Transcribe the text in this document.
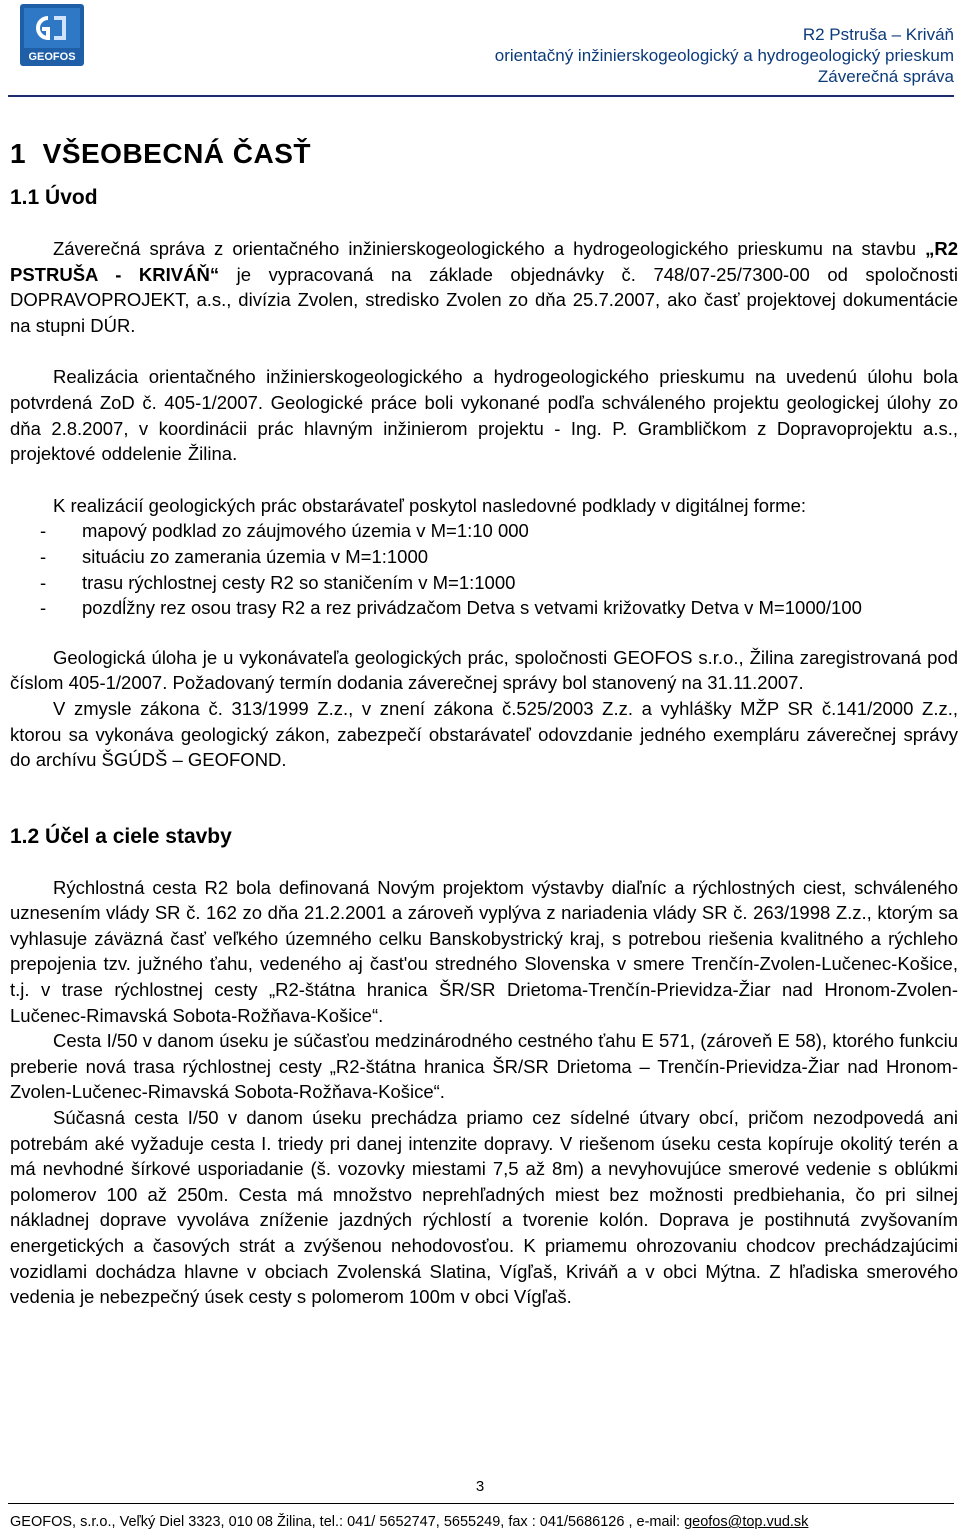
GEOFOS
R2 Pstruša – Kriváň
orientačný inžinierskogeologický a hydrogeologický prieskum
Záverečná správa
1 VŠEOBECNÁ ČASŤ
1.1 Úvod

Záverečná správa z orientačného inžinierskogeologického a hydrogeologického prieskumu na stavbu „R2 PSTRUŠA - KRIVÁŇ“ je vypracovaná na základe objednávky č. 748/07-25/7300-00 od spoločnosti DOPRAVOPROJEKT, a.s., divízia Zvolen, stredisko Zvolen zo dňa 25.7.2007, ako časť projektovej dokumentácie na stupni DÚR.

Realizácia orientačného inžinierskogeologického a hydrogeologického prieskumu na uvedenú úlohu bola potvrdená ZoD č. 405-1/2007. Geologické práce boli vykonané podľa schváleného projektu geologickej úlohy zo dňa 2.8.2007, v koordinácii prác hlavným inžinierom projektu - Ing. P. Grambličkom z Dopravoprojektu a.s., projektové oddelenie Žilina.

K realizácií geologických prác obstarávateľ poskytol nasledovné podklady v digitálnej forme:

- mapový podklad zo záujmového územia v M=1:10 000
- situáciu zo zamerania územia v M=1:1000
- trasu rýchlostnej cesty R2 so staničením v M=1:1000
- pozdĺžny rez osou trasy R2 a rez privádzačom Detva s vetvami križovatky Detva v M=1000/100

Geologická úloha je u vykonávateľa geologických prác, spoločnosti GEOFOS s.r.o., Žilina zaregistrovaná pod číslom 405-1/2007. Požadovaný termín dodania záverečnej správy bol stanovený na 31.11.2007.

V zmysle zákona č. 313/1999 Z.z., v znení zákona č.525/2003 Z.z. a vyhlášky MŽP SR č.141/2000 Z.z., ktorou sa vykonáva geologický zákon, zabezpečí obstarávateľ odovzdanie jedného exempláru záverečnej správy do archívu ŠGÚDŠ – GEOFOND.

1.2 Účel a ciele stavby

Rýchlostná cesta R2 bola definovaná Novým projektom výstavby diaľníc a rýchlostných ciest, schváleného uznesením vlády SR č. 162 zo dňa 21.2.2001 a zároveň vyplýva z nariadenia vlády SR č. 263/1998 Z.z., ktorým sa vyhlasuje záväzná časť veľkého územného celku Banskobystrický kraj, s potrebou riešenia kvalitného a rýchleho prepojenia tzv. južného ťahu, vedeného aj čast'ou stredného Slovenska v smere Trenčín-Zvolen-Lučenec-Košice, t.j. v trase rýchlostnej cesty „R2-štátna hranica ŠR/SR Drietoma-Trenčín-Prievidza-Žiar nad Hronom-Zvolen-Lučenec-Rimavská Sobota-Rožňava-Košice“.

Cesta I/50 v danom úseku je súčasťou medzinárodného cestného ťahu E 571, (zároveň E 58), ktorého funkciu preberie nová trasa rýchlostnej cesty „R2-štátna hranica ŠR/SR Drietoma – Trenčín-Prievidza-Žiar nad Hronom-Zvolen-Lučenec-Rimavská Sobota-Rožňava-Košice“.

Súčasná cesta I/50 v danom úseku prechádza priamo cez sídelné útvary obcí, pričom nezodpovedá ani potrebám aké vyžaduje cesta I. triedy pri danej intenzite dopravy. V riešenom úseku cesta kopíruje okolitý terén a má nevhodné šírkové usporiadanie (š. vozovky miestami 7,5 až 8m) a nevyhovujúce smerové vedenie s oblúkmi polomerov 100 až 250m. Cesta má množstvo neprehľadných miest bez možnosti predbiehania, čo pri silnej nákladnej doprave vyvoláva zníženie jazdných rýchlostí a tvorenie kolón. Doprava je postihnutá zvyšovaním energetických a časových strát a zvýšenou nehodovosťou. K priamemu ohrozovaniu chodcov prechádzajúcimi vozidlami dochádza hlavne v obciach Zvolenská Slatina, Vígľaš, Kriváň a v obci Mýtna. Z hľadiska smerového vedenia je nebezpečný úsek cesty s polomerom 100m v obci Vígľaš.

3
GEOFOS, s.r.o., Veľký Diel 3323, 010 08 Žilina, tel.: 041/ 5652747, 5655249, fax : 041/5686126 , e-mail: geofos@top.vud.sk
